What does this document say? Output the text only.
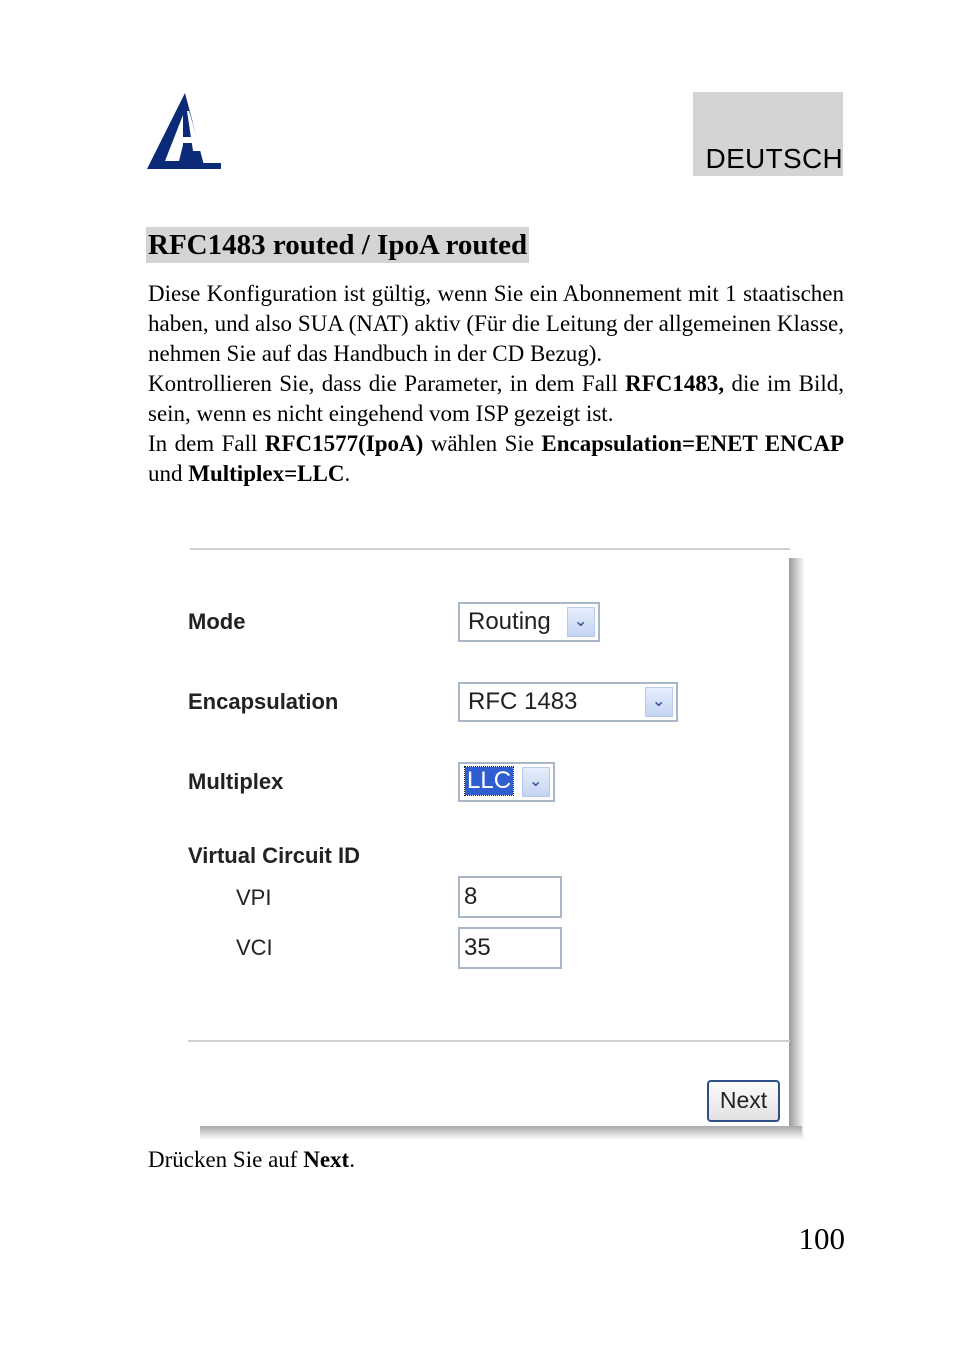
DEUTSCH
RFC1483 routed / IpoA routed

Diese Konfiguration ist gültig, wenn Sie ein Abonnement mit 1 staatischen haben, und also SUA (NAT) aktiv (Für die Leitung der allgemeinen Klasse, nehmen Sie auf das Handbuch in der CD Bezug).

Kontrollieren Sie, dass die Parameter, in dem Fall RFC1483, die im Bild, sein, wenn es nicht eingehend vom ISP gezeigt ist.

In dem Fall RFC1577(IpoA) wählen Sie Encapsulation=ENET ENCAP und Multiplex=LLC.

Mode	Routing ⌄
Encapsulation	RFC 1483	⌄
Multiplex	LLC ⌄
Virtual Circuit ID
VPI	8
VCI	35
Next
Drücken Sie auf Next.
100
